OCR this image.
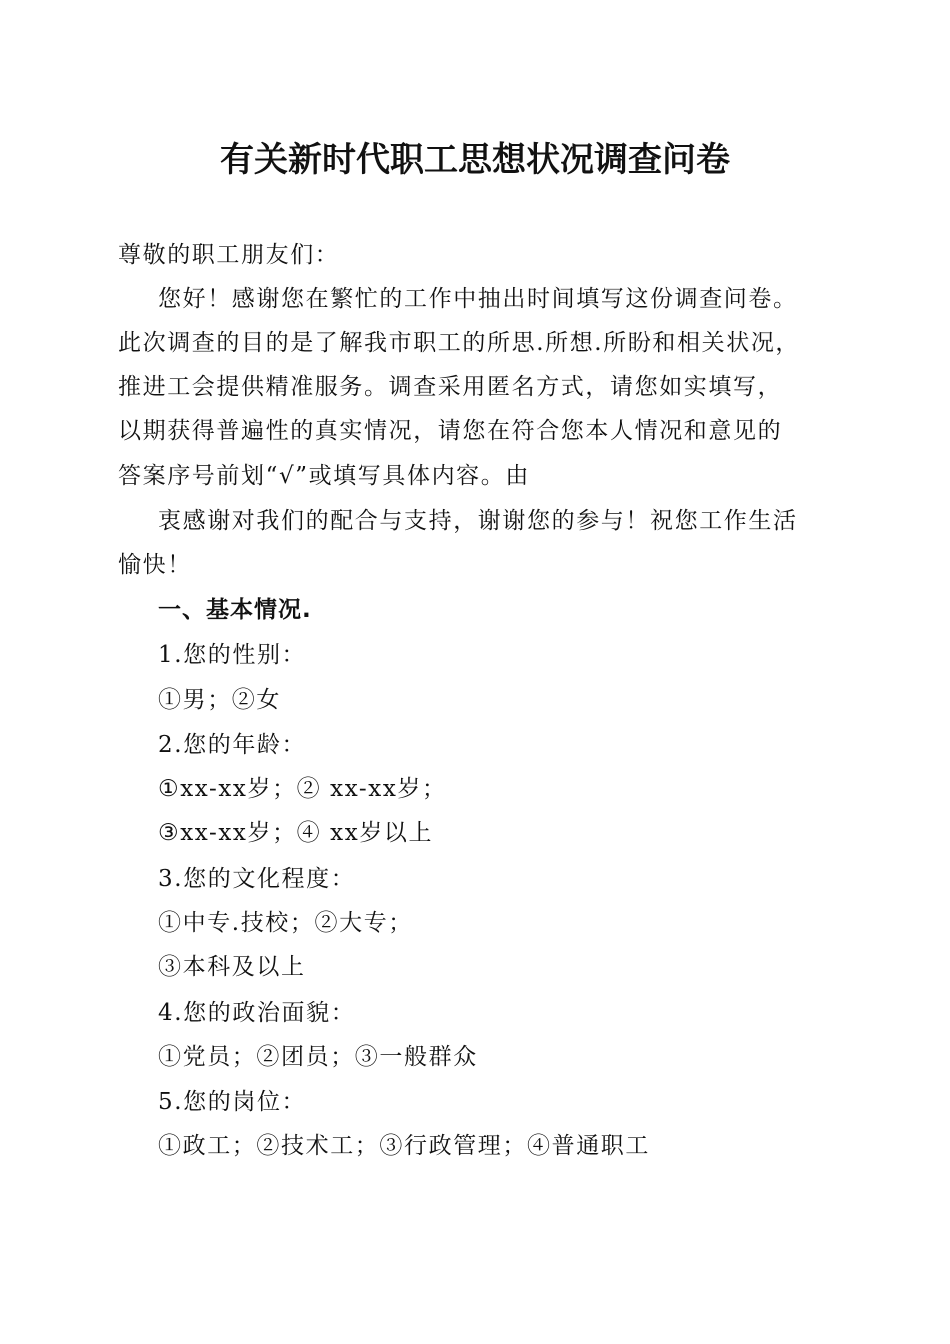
有关新时代职工思想状况调查问卷
尊敬的职工朋友们：
您好！感谢您在繁忙的工作中抽出时间填写这份调查问卷。
此次调查的目的是了解我市职工的所思.所想.所盼和相关状况，
推进工会提供精准服务。调查采用匿名方式，请您如实填写，
以期获得普遍性的真实情况，请您在符合您本人情况和意见的
答案序号前划“√”或填写具体内容。由
衷感谢对我们的配合与支持，谢谢您的参与！祝您工作生活
愉快！
一、基本情况.
1.您的性别：
①男；②女
2.您的年龄：
①xx-xx岁；② xx-xx岁；
③xx-xx岁；④ xx岁以上
3.您的文化程度：
①中专.技校；②大专；
③本科及以上
4.您的政治面貌：
①党员；②团员；③一般群众
5.您的岗位：
①政工；②技术工；③行政管理；④普通职工
